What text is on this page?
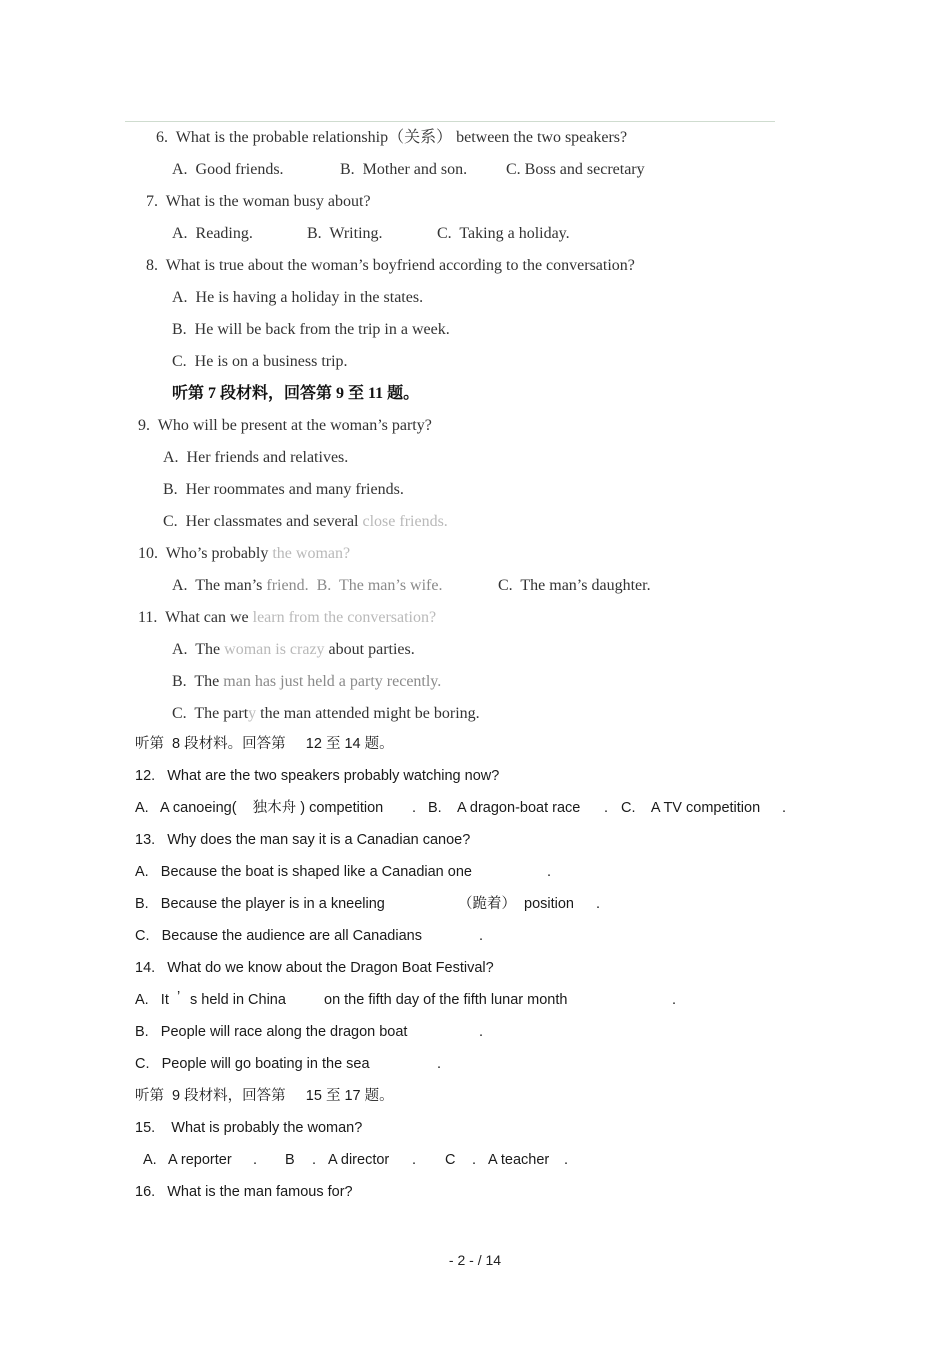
6.  What is the probable relationship（关系） between the two speakers?
A.  Good friends.	B.  Mother and son. C. Boss and secretary
7.  What is the woman busy about?
A.  Reading.	B.  Writing.	C.  Taking a holiday.
8.  What is true about the woman’s boyfriend according to the conversation?
A.  He is having a holiday in the states.
B.  He will be back from the trip in a week.
C.  He is on a business trip.
听第 7 段材料，回答第 9 至 11 题。
9.  Who will be present at the woman’s party?
A.  Her friends and relatives.
B.  Her roommates and many friends.
C.  Her classmates and several close friends.
10.  Who’s probably the woman?
A.  The man’s friend.  B.  The man’s wife.	C.  The man’s daughter.
11.  What can we learn from the conversation?
A.  The woman is crazy about parties.
B.  The man has just held a party recently.
C.  The party the man attended might be boring.
听第  8 段材料。回答第     12 至 14 题。
12.   What are the two speakers probably watching now?
A.   A canoeing(    独木舟 ) competition . B.    A dragon-boat race . C.    A TV competition .
13.   Why does the man say it is a Canadian canoe?
A.   Because the boat is shaped like a Canadian one	.
B.   Because the player is in a kneeling	（跪着） position .
C.   Because the audience are all Canadians	.
14.   What do we know about the Dragon Boat Festival?
A.   It ’ s held in China	on the fifth day of the fifth lunar month	.
B.   People will race along the dragon boat	.
C.   People will go boating in the sea	.
听第  9 段材料，回答第     15 至 17 题。
15.    What is probably the woman?
A.   A reporter . B . A director . C . A teacher .
16.   What is the man famous for?
- 2 - / 14
